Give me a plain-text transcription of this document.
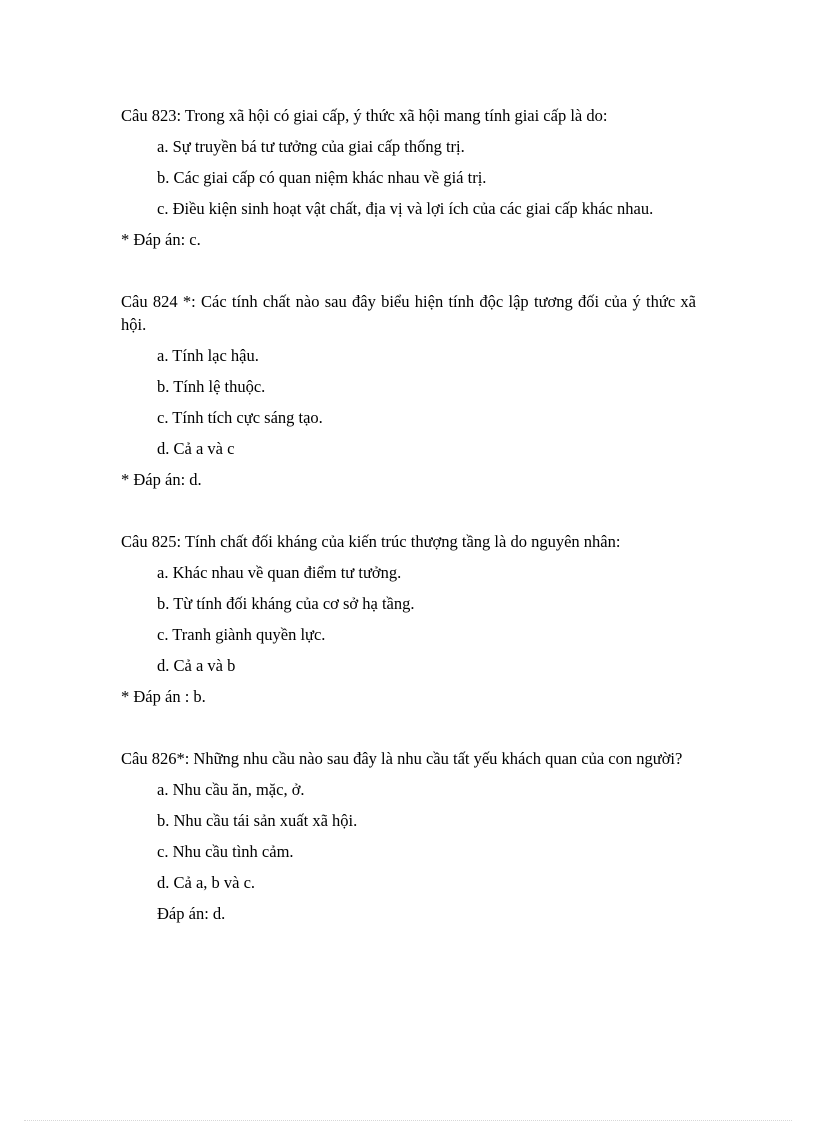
Câu 823: Trong xã hội có giai cấp, ý thức xã hội mang tính giai cấp là do:

a. Sự truyền bá tư tưởng của giai cấp thống trị.
b. Các giai cấp có quan niệm khác nhau về giá trị.
c. Điều kiện sinh hoạt vật chất, địa vị và lợi ích của các giai cấp khác nhau.
* Đáp án: c.

Câu 824 *: Các tính chất nào sau đây biểu hiện tính độc lập tương đối của ý thức xã hội.

a. Tính lạc hậu.
b. Tính lệ thuộc.
c. Tính tích cực sáng tạo.
d. Cả a và c
* Đáp án: d.

Câu 825: Tính chất đối kháng của kiến trúc thượng tầng là do nguyên nhân:

a. Khác nhau về quan điểm tư tưởng.
b. Từ tính đối kháng của cơ sở hạ tầng.
c. Tranh giành quyền lực.
d. Cả a và b
* Đáp án : b.

Câu 826*: Những nhu cầu nào sau đây là nhu cầu tất yếu khách quan của con người?

a. Nhu cầu ăn, mặc, ở.
b. Nhu cầu tái sản xuất xã hội.
c. Nhu cầu tình cảm.
d. Cả a, b và c.
Đáp án: d.
